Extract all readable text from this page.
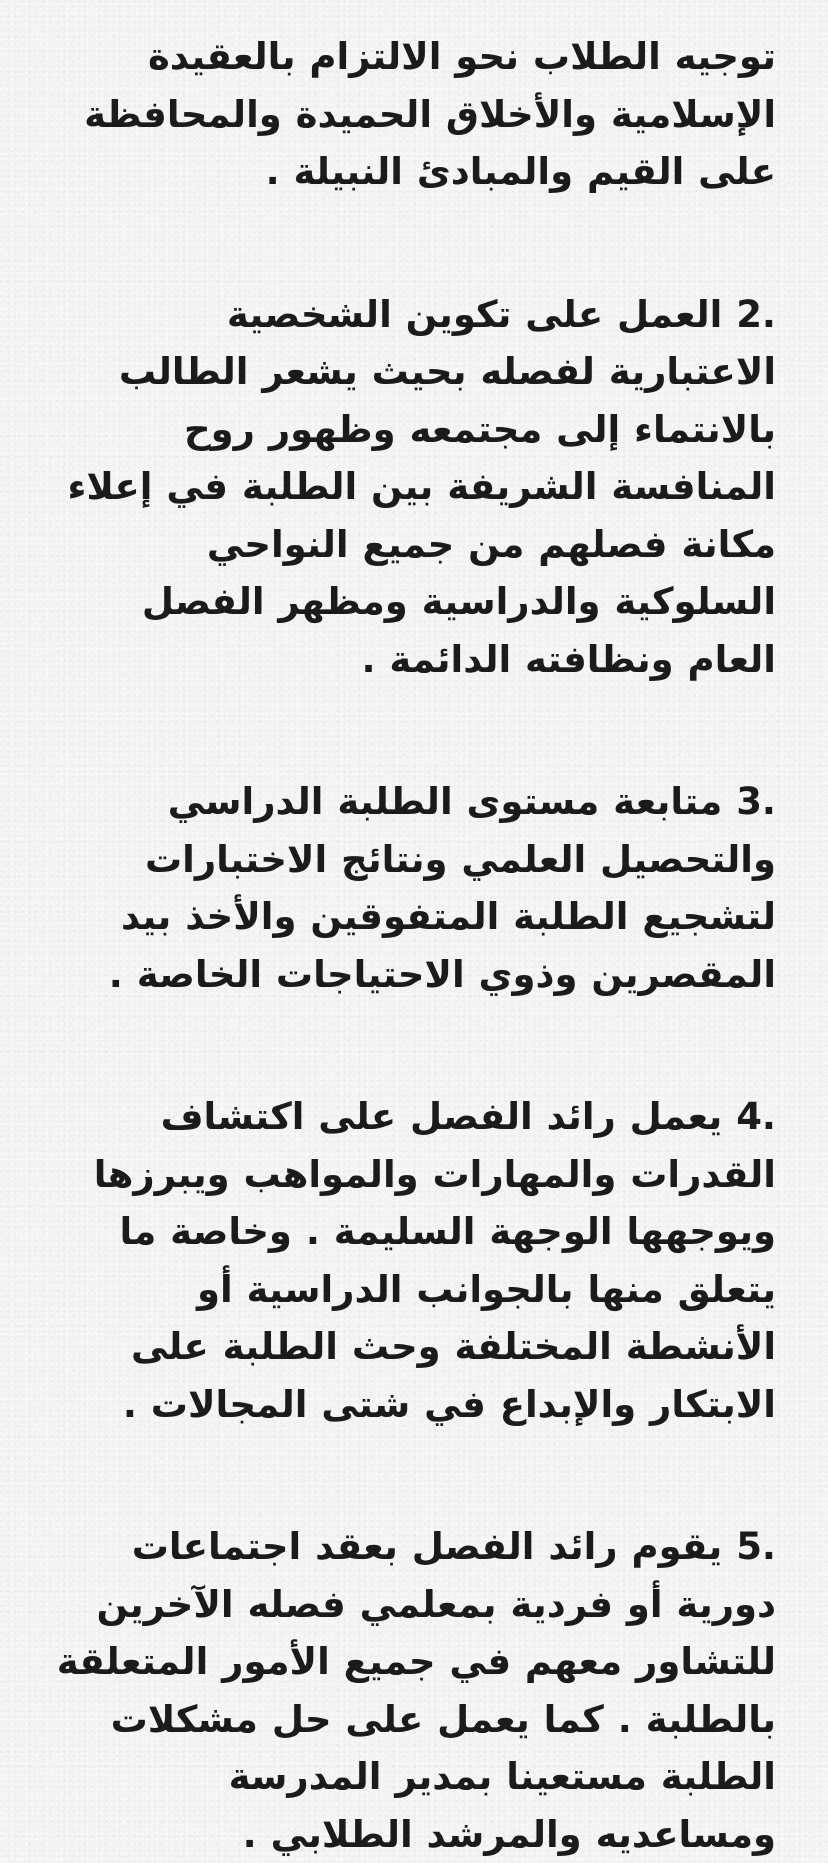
توجيه الطلاب نحو الالتزام بالعقيدة الإسلامية والأخلاق الحميدة والمحافظة على القيم والمبادئ النبيلة .

2. العمل على تكوين الشخصية الاعتبارية لفصله بحيث يشعر الطالب بالانتماء إلى مجتمعه وظهور روح المنافسة الشريفة بين الطلبة في إعلاء مكانة فصلهم من جميع النواحي السلوكية والدراسية ومظهر الفصل العام ونظافته الدائمة .

3. متابعة مستوى الطلبة الدراسي والتحصيل العلمي ونتائج الاختبارات لتشجيع الطلبة المتفوقين والأخذ بيد المقصرين وذوي الاحتياجات الخاصة .

4. يعمل رائد الفصل على اكتشاف القدرات والمهارات والمواهب ويبرزها ويوجهها الوجهة السليمة . وخاصة ما يتعلق منها بالجوانب الدراسية أو الأنشطة المختلفة وحث الطلبة على الابتكار والإبداع في شتى المجالات .

5. يقوم رائد الفصل بعقد اجتماعات دورية أو فردية بمعلمي فصله الآخرين للتشاور معهم في جميع الأمور المتعلقة بالطلبة . كما يعمل على حل مشكلات الطلبة مستعينا بمدير المدرسة ومساعديه والمرشد الطلابي .
